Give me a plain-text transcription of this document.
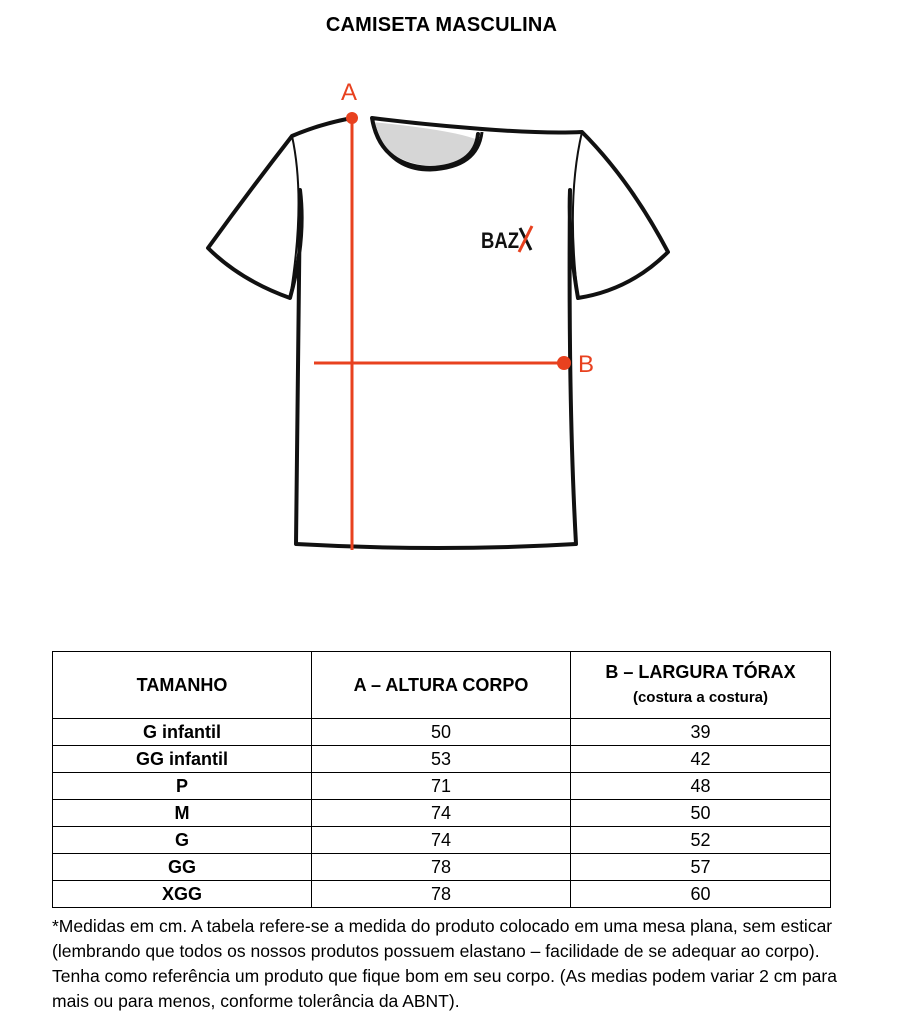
CAMISETA MASCULINA
BAZ
A
B
TAMANHO	A – ALTURA CORPO	B – LARGURA TÓRAX
(costura a costura)

G infantil	50	39
GG infantil	53	42
P	71	48
M	74	50
G	74	52
GG	78	57
XGG	78	60
*Medidas em cm. A tabela refere-se a medida do produto colocado em uma mesa plana, sem esticar (lembrando que todos os nossos produtos possuem elastano – facilidade de se adequar ao corpo). Tenha como referência um produto que fique bom em seu corpo. (As medias podem variar 2 cm para mais ou para menos, conforme tolerância da ABNT).
